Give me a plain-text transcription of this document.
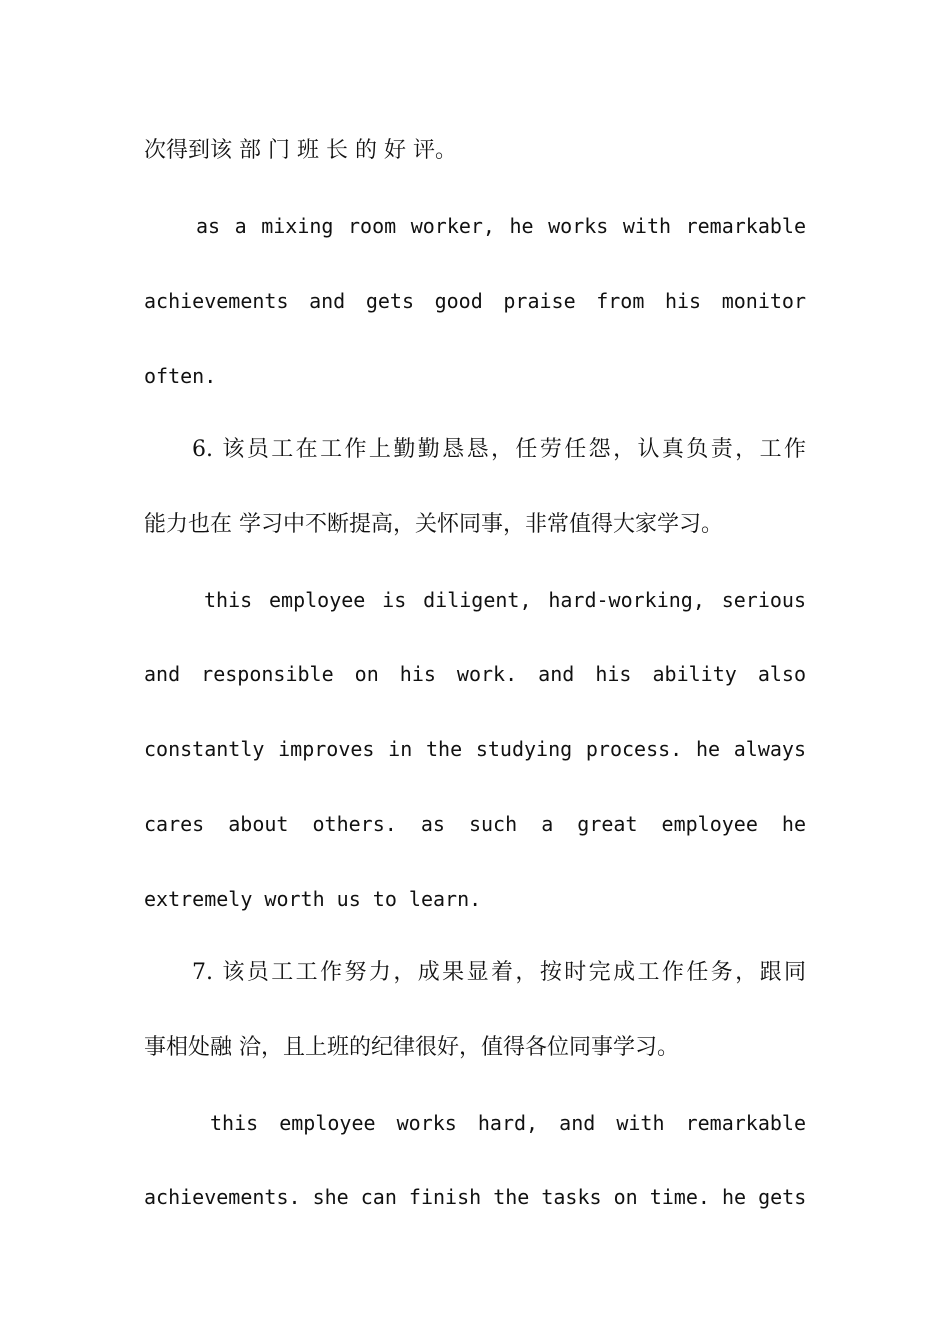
次得到该 部 门 班 长 的 好 评。
as a mixing room worker, he works with remarkable
achievements and gets good praise from his monitor
often.
6. 该员工在工作上勤勤恳恳，任劳任怨，认真负责，工作
能力也在 学习中不断提高，关怀同事，非常值得大家学习。
this employee is diligent, hard-working, serious
and responsible on his work. and his ability also
constantly improves in the studying process. he always
cares about others. as such a great employee he
extremely worth us to learn.
7. 该员工工作努力，成果显着，按时完成工作任务，跟同
事相处融 洽，且上班的纪律很好，值得各位同事学习。
this employee works hard, and with remarkable
achievements. she can finish the tasks on time. he gets
